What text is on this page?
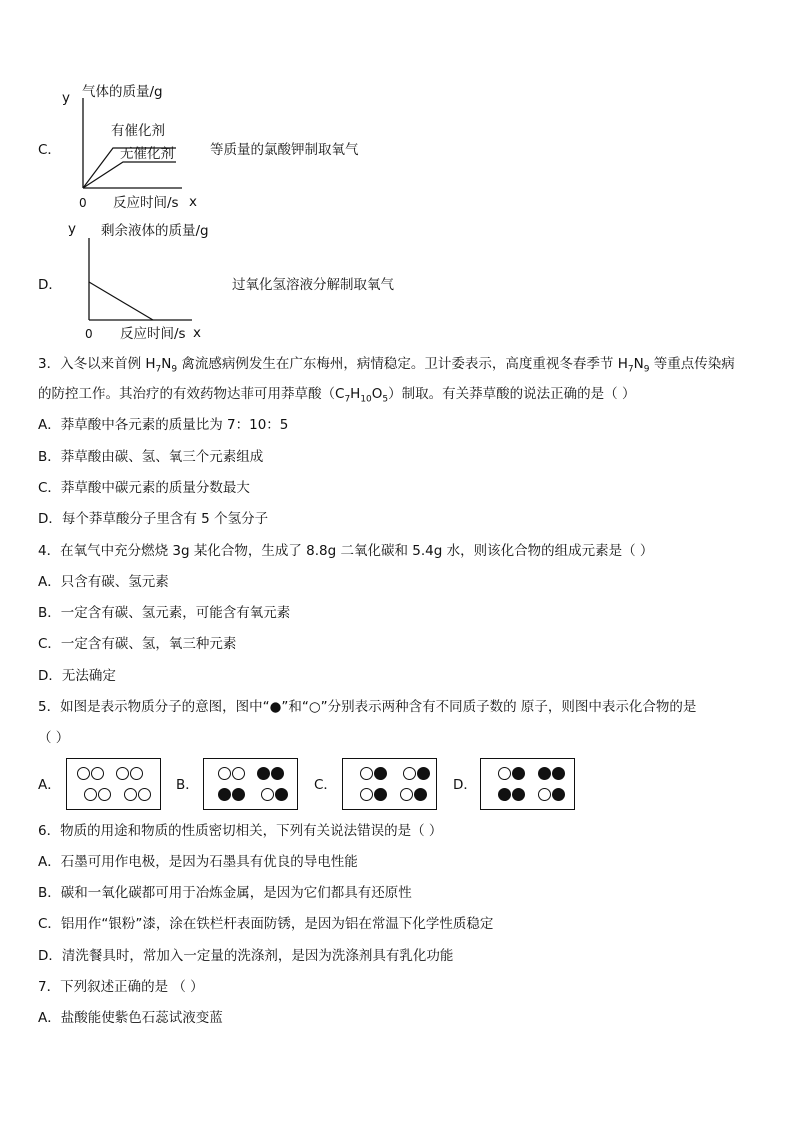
C．
y 气体的质量/g
有催化剂
无催化剂
0 反应时间/s x
等质量的氯酸钾制取氧气
D．
y 剩余液体的质量/g
0 反应时间/s x
过氧化氢溶液分解制取氧气
3．入冬以来首例 $H_7N_9$ 禽流感病例发生在广东梅州，病情稳定。卫计委表示，高度重视冬春季节 $H_7N_9$ 等重点传染病
的防控工作。其治疗的有效药物达菲可用莽草酸$(C_7H_{10}O_5)$制取。有关莽草酸的说法正确的是（ ）
A．莽草酸中各元素的质量比为 7：10：5
B．莽草酸由碳、氢、氧三个元素组成
C．莽草酸中碳元素的质量分数最大
D．每个莽草酸分子里含有 5 个氢分子
4．在氧气中充分燃烧 3g 某化合物，生成了 8.8g 二氧化碳和 5.4g 水，则该化合物的组成元素是（ ）
A．只含有碳、氢元素
B．一定含有碳、氢元素，可能含有氧元素
C．一定含有碳、氢，氧三种元素
D．无法确定
5．如图是表示物质分子的意图，图中“●”和“○”分别表示两种含有不同质子数的 原子，则图中表示化合物的是
（ ）
A．	B．	C．	D．
6．物质的用途和物质的性质密切相关，下列有关说法错误的是（ ）
A．石墨可用作电极，是因为石墨具有优良的导电性能
B．碳和一氧化碳都可用于冶炼金属，是因为它们都具有还原性
C．铝用作“银粉”漆，涂在铁栏杆表面防锈，是因为铝在常温下化学性质稳定
D．清洗餐具时，常加入一定量的洗涤剂，是因为洗涤剂具有乳化功能
7．下列叙述正确的是 （ ）
A．盐酸能使紫色石蕊试液变蓝
